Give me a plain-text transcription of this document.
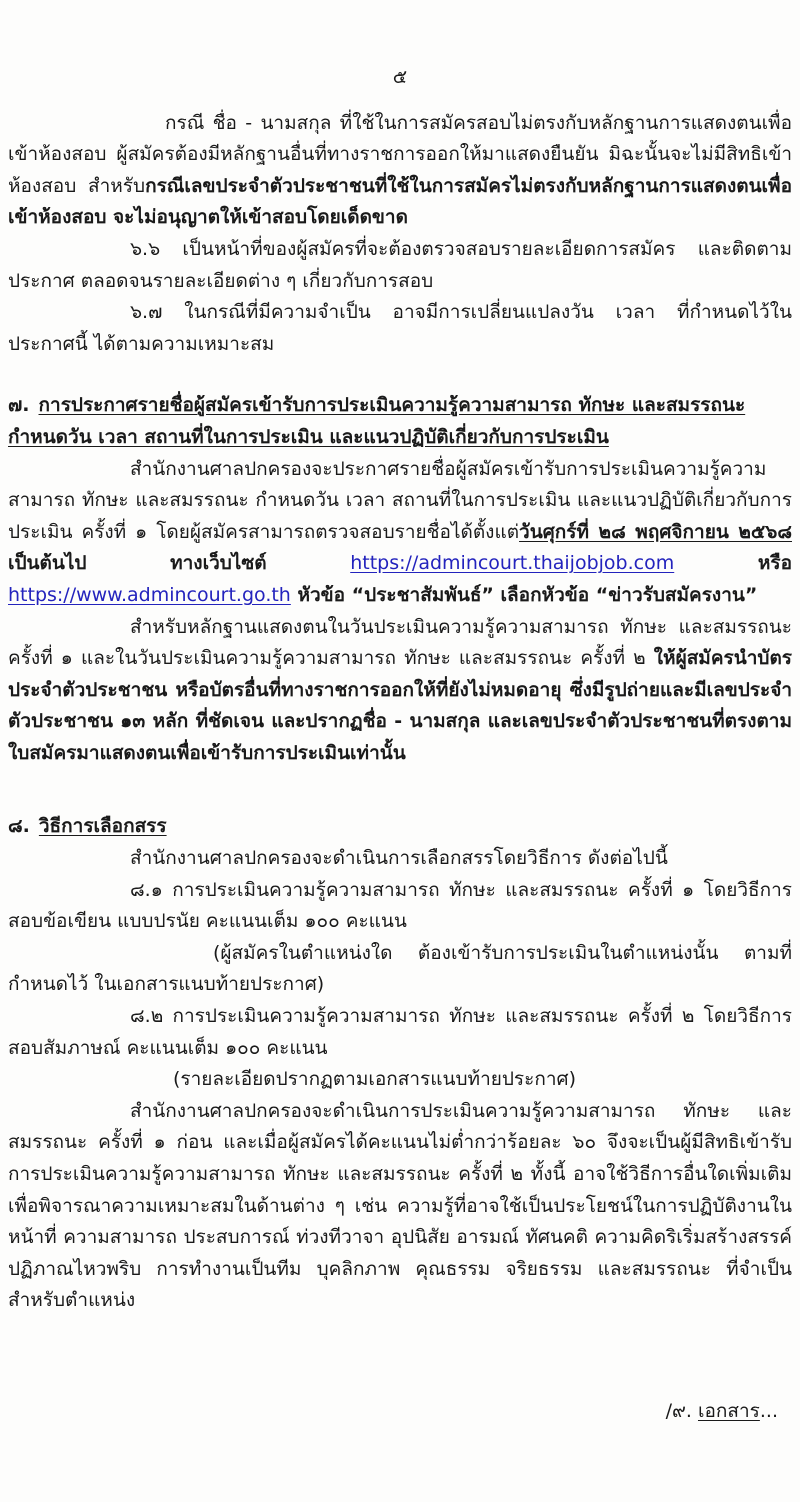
๕

กรณี ชื่อ - นามสกุล ที่ใช้ในการสมัครสอบไม่ตรงกับหลักฐานการแสดงตนเพื่อเข้าห้องสอบ ผู้สมัครต้องมีหลักฐานอื่นที่ทางราชการออกให้มาแสดงยืนยัน มิฉะนั้นจะไม่มีสิทธิเข้าห้องสอบ สำหรับกรณีเลขประจำตัวประชาชนที่ใช้ในการสมัครไม่ตรงกับหลักฐานการแสดงตนเพื่อเข้าห้องสอบ จะไม่อนุญาตให้เข้าสอบโดยเด็ดขาด

๖.๖ เป็นหน้าที่ของผู้สมัครที่จะต้องตรวจสอบรายละเอียดการสมัคร และติดตามประกาศ ตลอดจนรายละเอียดต่าง ๆ เกี่ยวกับการสอบ

๖.๗ ในกรณีที่มีความจำเป็น อาจมีการเปลี่ยนแปลงวัน เวลา ที่กำหนดไว้ในประกาศนี้ ได้ตามความเหมาะสม

๗. การประกาศรายชื่อผู้สมัครเข้ารับการประเมินความรู้ความสามารถ ทักษะ และสมรรถนะ กำหนดวัน เวลา สถานที่ในการประเมิน และแนวปฏิบัติเกี่ยวกับการประเมิน

สำนักงานศาลปกครองจะประกาศรายชื่อผู้สมัครเข้ารับการประเมินความรู้ความสามารถ ทักษะ และสมรรถนะ กำหนดวัน เวลา สถานที่ในการประเมิน และแนวปฏิบัติเกี่ยวกับการประเมิน ครั้งที่ ๑ โดยผู้สมัครสามารถตรวจสอบรายชื่อได้ตั้งแต่วันศุกร์ที่ ๒๘ พฤศจิกายน ๒๕๖๘ เป็นต้นไป ทางเว็บไซต์ https://admincourt.thaijobjob.com หรือ https://www.admincourt.go.th หัวข้อ “ประชาสัมพันธ์” เลือกหัวข้อ “ข่าวรับสมัครงาน”

สำหรับหลักฐานแสดงตนในวันประเมินความรู้ความสามารถ ทักษะ และสมรรถนะ ครั้งที่ ๑ และในวันประเมินความรู้ความสามารถ ทักษะ และสมรรถนะ ครั้งที่ ๒ ให้ผู้สมัครนำบัตรประจำตัวประชาชน หรือบัตรอื่นที่ทางราชการออกให้ที่ยังไม่หมดอายุ ซึ่งมีรูปถ่ายและมีเลขประจำตัวประชาชน ๑๓ หลัก ที่ชัดเจน และปรากฏชื่อ - นามสกุล และเลขประจำตัวประชาชนที่ตรงตามใบสมัครมาแสดงตนเพื่อเข้ารับการประเมินเท่านั้น

๘. วิธีการเลือกสรร

สำนักงานศาลปกครองจะดำเนินการเลือกสรรโดยวิธีการ ดังต่อไปนี้

๘.๑ การประเมินความรู้ความสามารถ ทักษะ และสมรรถนะ ครั้งที่ ๑ โดยวิธีการสอบข้อเขียน แบบปรนัย คะแนนเต็ม ๑๐๐ คะแนน

(ผู้สมัครในตำแหน่งใด ต้องเข้ารับการประเมินในตำแหน่งนั้น ตามที่กำหนดไว้ ในเอกสารแนบท้ายประกาศ)

๘.๒ การประเมินความรู้ความสามารถ ทักษะ และสมรรถนะ ครั้งที่ ๒ โดยวิธีการสอบสัมภาษณ์ คะแนนเต็ม ๑๐๐ คะแนน

(รายละเอียดปรากฏตามเอกสารแนบท้ายประกาศ)

สำนักงานศาลปกครองจะดำเนินการประเมินความรู้ความสามารถ ทักษะ และสมรรถนะ ครั้งที่ ๑ ก่อน และเมื่อผู้สมัครได้คะแนนไม่ต่ำกว่าร้อยละ ๖๐ จึงจะเป็นผู้มีสิทธิเข้ารับการประเมินความรู้ความสามารถ ทักษะ และสมรรถนะ ครั้งที่ ๒ ทั้งนี้ อาจใช้วิธีการอื่นใดเพิ่มเติมเพื่อพิจารณาความเหมาะสมในด้านต่าง ๆ เช่น ความรู้ที่อาจใช้เป็นประโยชน์ในการปฏิบัติงานในหน้าที่ ความสามารถ ประสบการณ์ ท่วงทีวาจา อุปนิสัย อารมณ์ ทัศนคติ ความคิดริเริ่มสร้างสรรค์ ปฏิภาณไหวพริบ การทำงานเป็นทีม บุคลิกภาพ คุณธรรม จริยธรรม และสมรรถนะ ที่จำเป็นสำหรับตำแหน่ง

/๙. เอกสาร...
